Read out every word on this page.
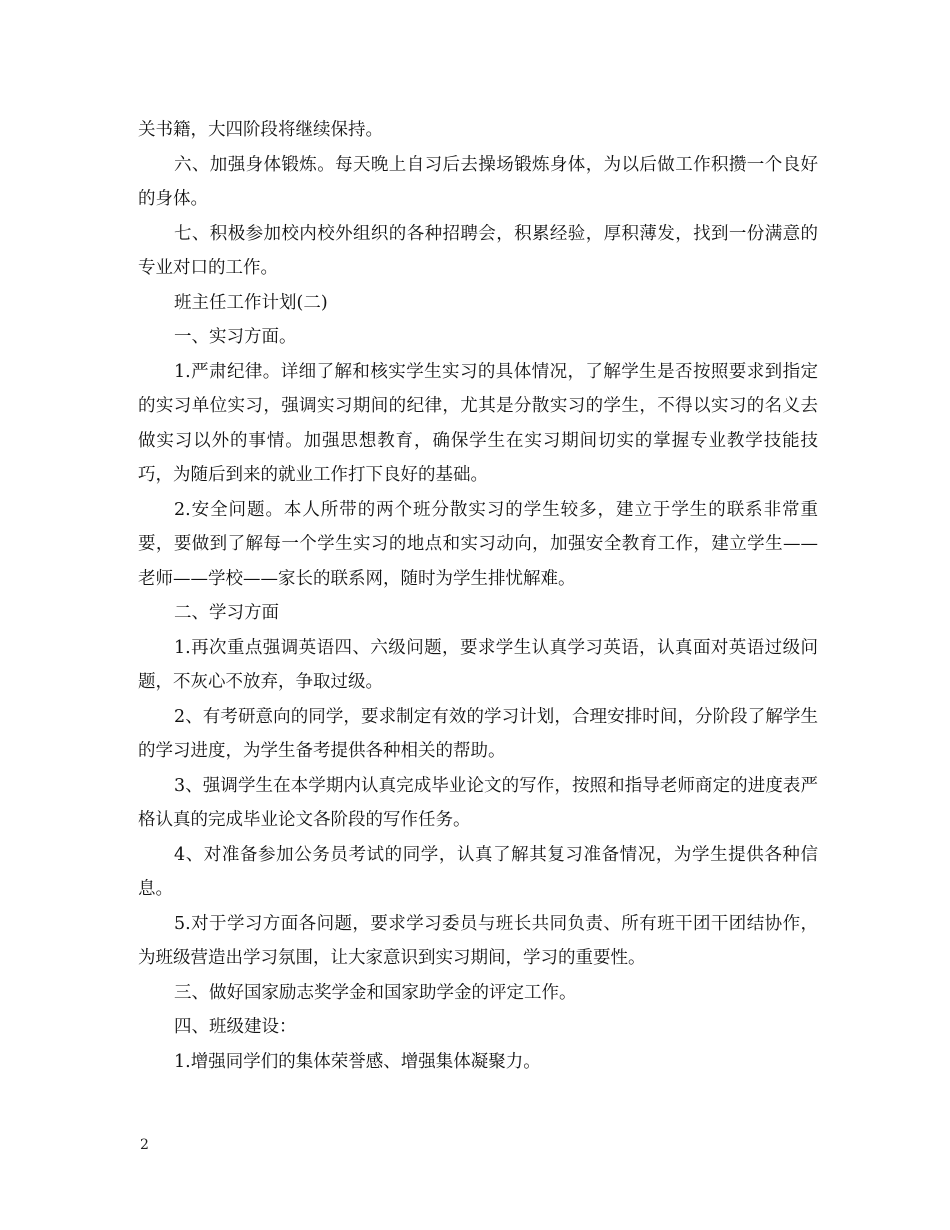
关书籍，大四阶段将继续保持。

六、加强身体锻炼。每天晚上自习后去操场锻炼身体，为以后做工作积攒一个良好的身体。

七、积极参加校内校外组织的各种招聘会，积累经验，厚积薄发，找到一份满意的专业对口的工作。

班主任工作计划(二)

一、实习方面。

1.严肃纪律。详细了解和核实学生实习的具体情况，了解学生是否按照要求到指定的实习单位实习，强调实习期间的纪律，尤其是分散实习的学生，不得以实习的名义去做实习以外的事情。加强思想教育，确保学生在实习期间切实的掌握专业教学技能技巧，为随后到来的就业工作打下良好的基础。

2.安全问题。本人所带的两个班分散实习的学生较多，建立于学生的联系非常重要，要做到了解每一个学生实习的地点和实习动向，加强安全教育工作，建立学生——老师——学校——家长的联系网，随时为学生排忧解难。

二、学习方面

1.再次重点强调英语四、六级问题，要求学生认真学习英语，认真面对英语过级问题，不灰心不放弃，争取过级。

2、有考研意向的同学，要求制定有效的学习计划，合理安排时间，分阶段了解学生的学习进度，为学生备考提供各种相关的帮助。

3、强调学生在本学期内认真完成毕业论文的写作，按照和指导老师商定的进度表严格认真的完成毕业论文各阶段的写作任务。

4、对准备参加公务员考试的同学，认真了解其复习准备情况，为学生提供各种信息。

5.对于学习方面各问题，要求学习委员与班长共同负责、所有班干团干团结协作，为班级营造出学习氛围，让大家意识到实习期间，学习的重要性。

三、做好国家励志奖学金和国家助学金的评定工作。

四、班级建设：

1.增强同学们的集体荣誉感、增强集体凝聚力。

2
